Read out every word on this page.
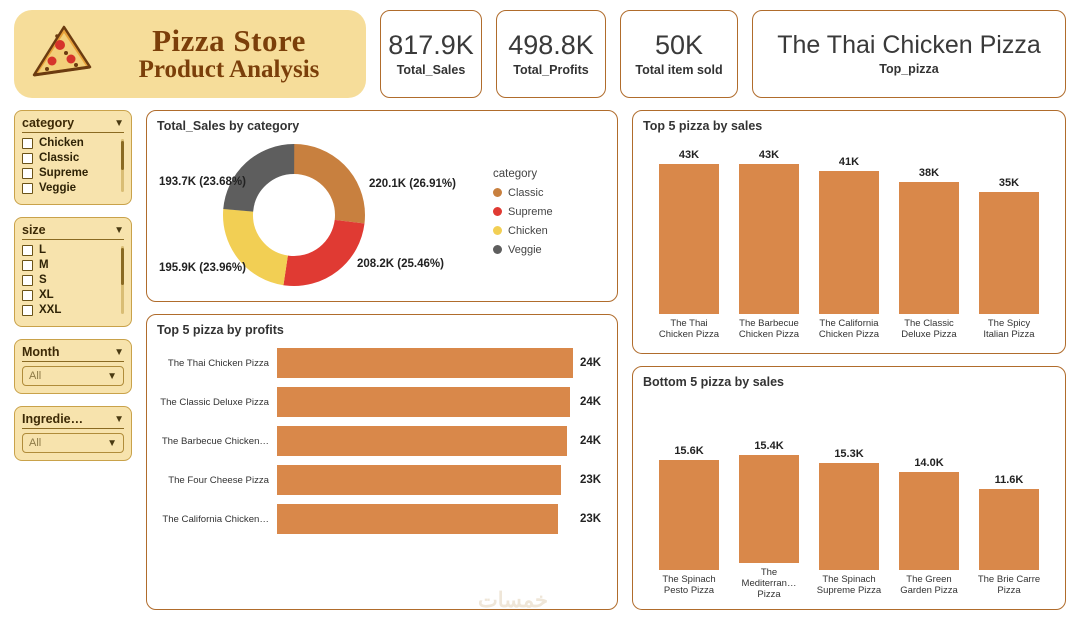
Pizza Store
Product Analysis
817.9K
Total_Sales
498.8K
Total_Profits
50K
Total item sold
The Thai Chicken Pizza
Top_pizza
category	▼
Chicken
Classic
Supreme
Veggie
size	▼
L
M
S
XL
XXL
Month	▼
All	▼
Ingredie…	▼
All	▼
Total_Sales by category
220.1K (26.91%)
208.2K (25.46%)
195.9K (23.96%)
193.7K (23.68%)
category
Classic
Supreme
Chicken
Veggie
Top 5 pizza by profits
The Thai Chicken Pizza	24K
The Classic Deluxe Pizza	24K
The Barbecue Chicken…	24K
The Four Cheese Pizza	23K
The California Chicken…	23K
Top 5 pizza by sales
43K
The Thai Chicken Pizza
43K
The Barbecue Chicken Pizza
41K
The California Chicken Pizza
38K
The Classic Deluxe Pizza
35K
The Spicy Italian Pizza
Bottom 5 pizza by sales
15.6K
The Spinach Pesto Pizza
15.4K
The Mediterran… Pizza
15.3K
The Spinach Supreme Pizza
14.0K
The Green Garden Pizza
11.6K
The Brie Carre Pizza
خمسات
